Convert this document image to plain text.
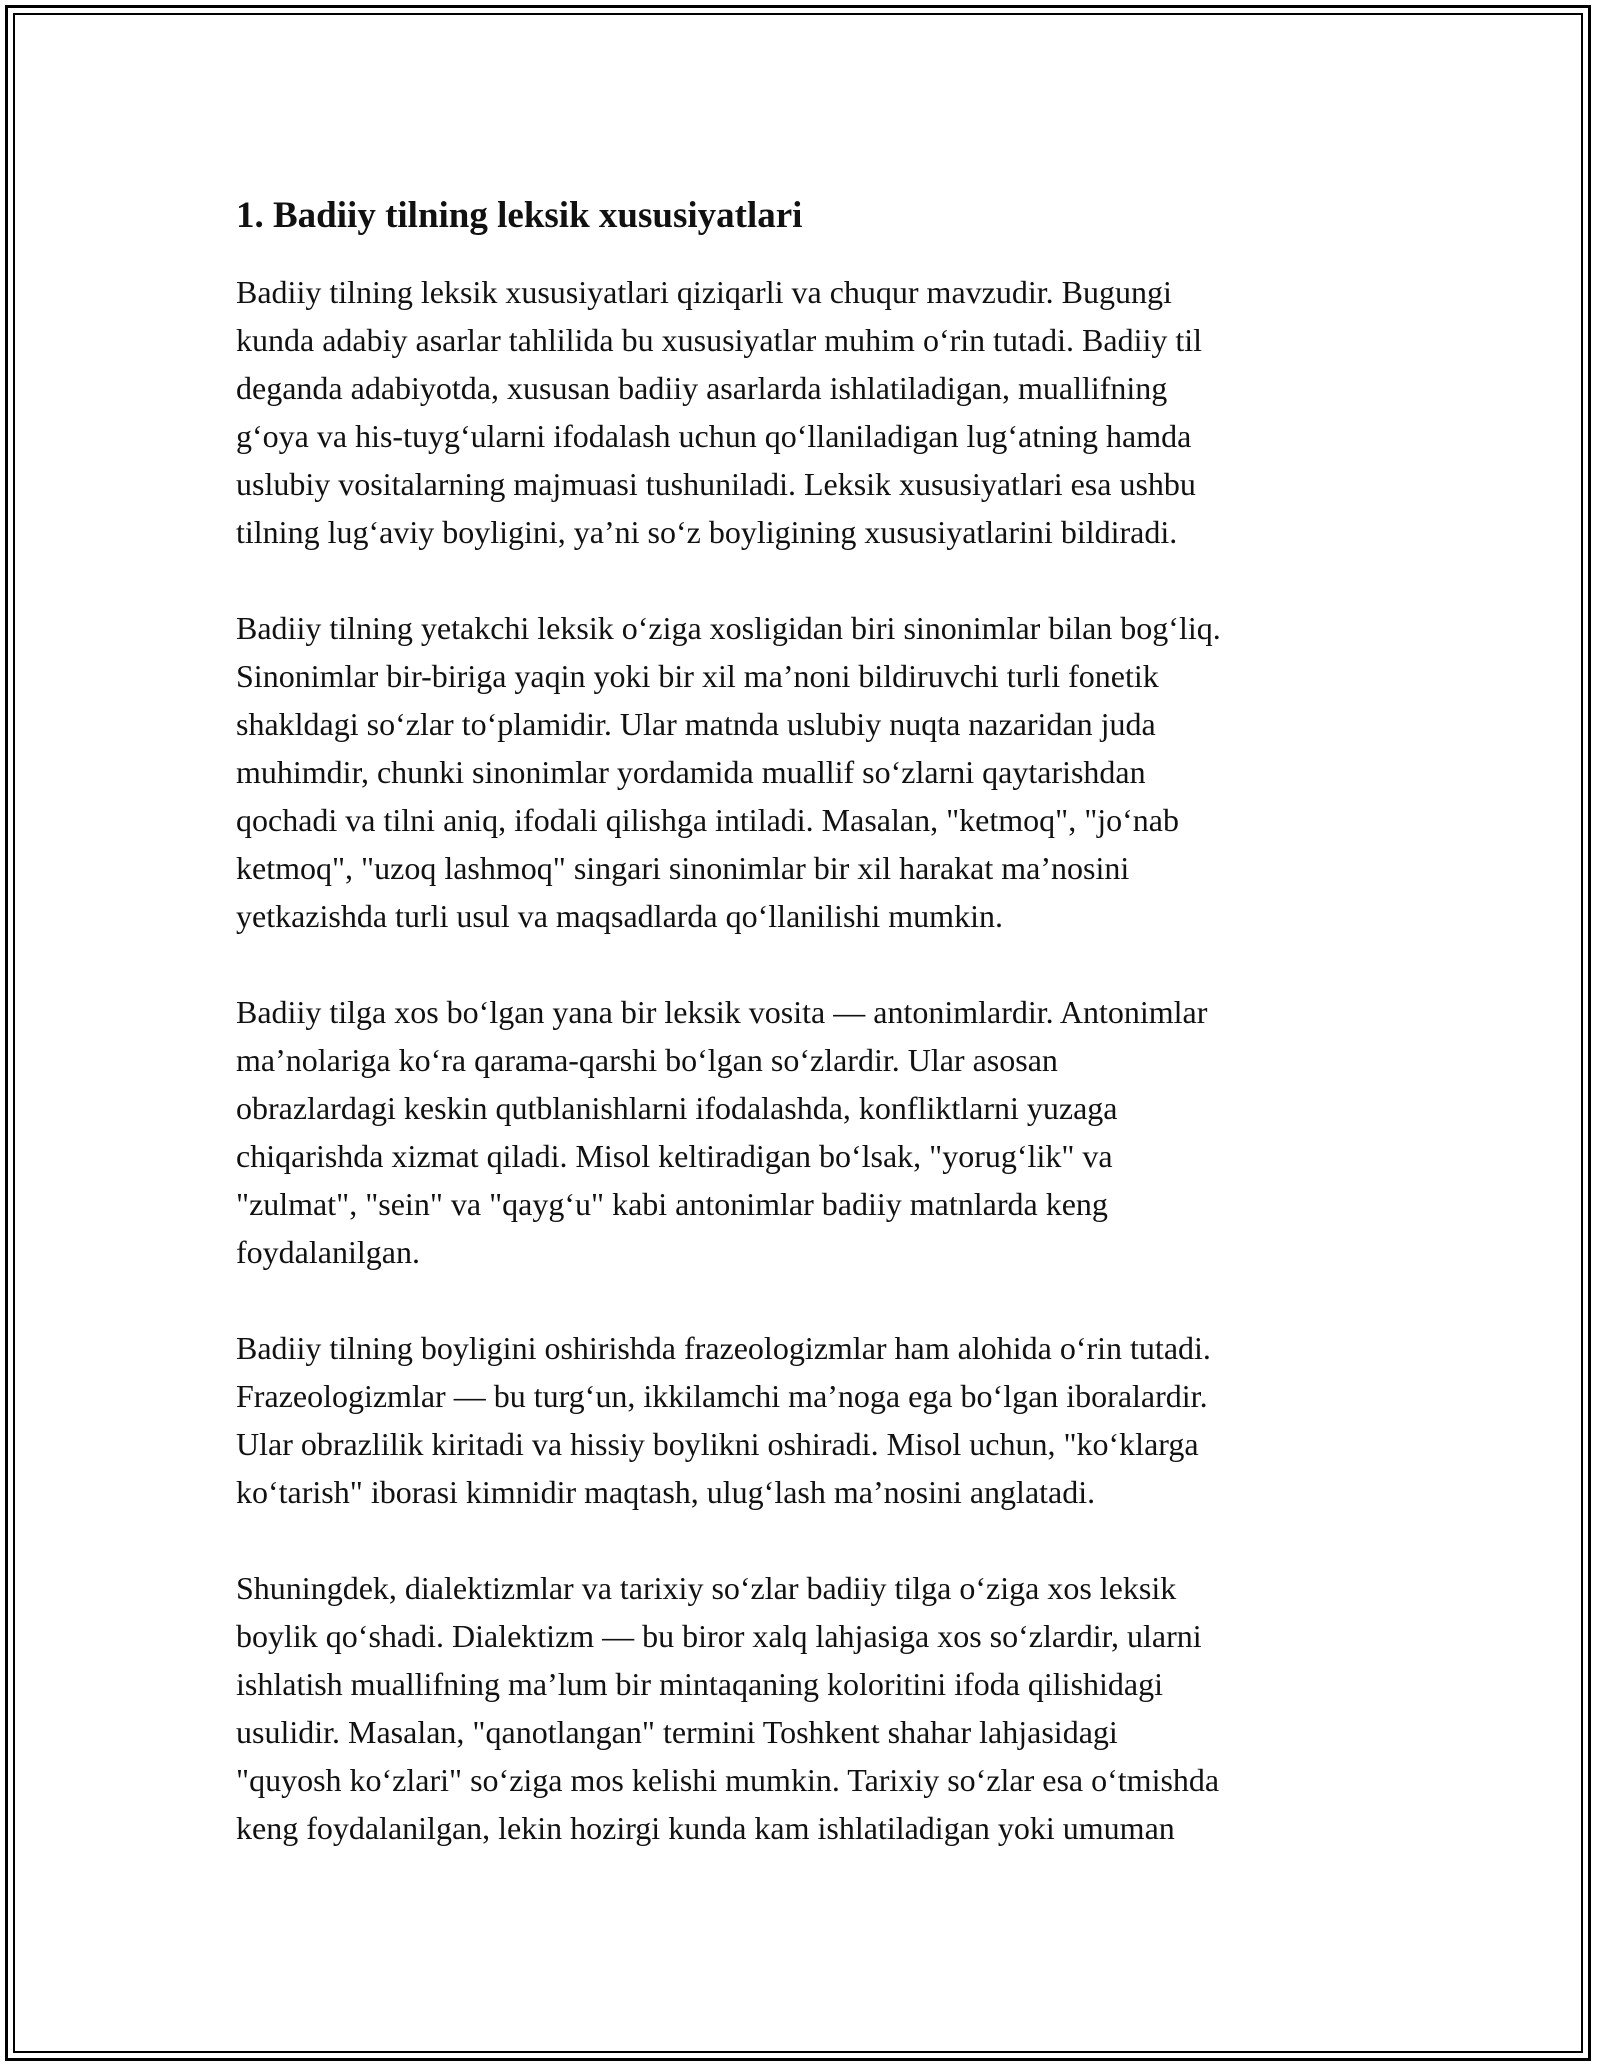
1. Badiiy tilning leksik xususiyatlari

Badiiy tilning leksik xususiyatlari qiziqarli va chuqur mavzudir. Bugungi
kunda adabiy asarlar tahlilida bu xususiyatlar muhim o‘rin tutadi. Badiiy til
deganda adabiyotda, xususan badiiy asarlarda ishlatiladigan, muallifning
g‘oya va his-tuyg‘ularni ifodalash uchun qo‘llaniladigan lug‘atning hamda
uslubiy vositalarning majmuasi tushuniladi. Leksik xususiyatlari esa ushbu
tilning lug‘aviy boyligini, ya’ni so‘z boyligining xususiyatlarini bildiradi.

Badiiy tilning yetakchi leksik o‘ziga xosligidan biri sinonimlar bilan bog‘liq.
Sinonimlar bir-biriga yaqin yoki bir xil ma’noni bildiruvchi turli fonetik
shakldagi so‘zlar to‘plamidir. Ular matnda uslubiy nuqta nazaridan juda
muhimdir, chunki sinonimlar yordamida muallif so‘zlarni qaytarishdan
qochadi va tilni aniq, ifodali qilishga intiladi. Masalan, "ketmoq", "jo‘nab
ketmoq", "uzoq lashmoq" singari sinonimlar bir xil harakat ma’nosini
yetkazishda turli usul va maqsadlarda qo‘llanilishi mumkin.

Badiiy tilga xos bo‘lgan yana bir leksik vosita — antonimlardir. Antonimlar
ma’nolariga ko‘ra qarama-qarshi bo‘lgan so‘zlardir. Ular asosan
obrazlardagi keskin qutblanishlarni ifodalashda, konfliktlarni yuzaga
chiqarishda xizmat qiladi. Misol keltiradigan bo‘lsak, "yorug‘lik" va
"zulmat", "sein" va "qayg‘u" kabi antonimlar badiiy matnlarda keng
foydalanilgan.

Badiiy tilning boyligini oshirishda frazeologizmlar ham alohida o‘rin tutadi.
Frazeologizmlar — bu turg‘un, ikkilamchi ma’noga ega bo‘lgan iboralardir.
Ular obrazlilik kiritadi va hissiy boylikni oshiradi. Misol uchun, "ko‘klarga
ko‘tarish" iborasi kimnidir maqtash, ulug‘lash ma’nosini anglatadi.

Shuningdek, dialektizmlar va tarixiy so‘zlar badiiy tilga o‘ziga xos leksik
boylik qo‘shadi. Dialektizm — bu biror xalq lahjasiga xos so‘zlardir, ularni
ishlatish muallifning ma’lum bir mintaqaning koloritini ifoda qilishidagi
usulidir. Masalan, "qanotlangan" termini Toshkent shahar lahjasidagi
"quyosh ko‘zlari" so‘ziga mos kelishi mumkin. Tarixiy so‘zlar esa o‘tmishda
keng foydalanilgan, lekin hozirgi kunda kam ishlatiladigan yoki umuman
